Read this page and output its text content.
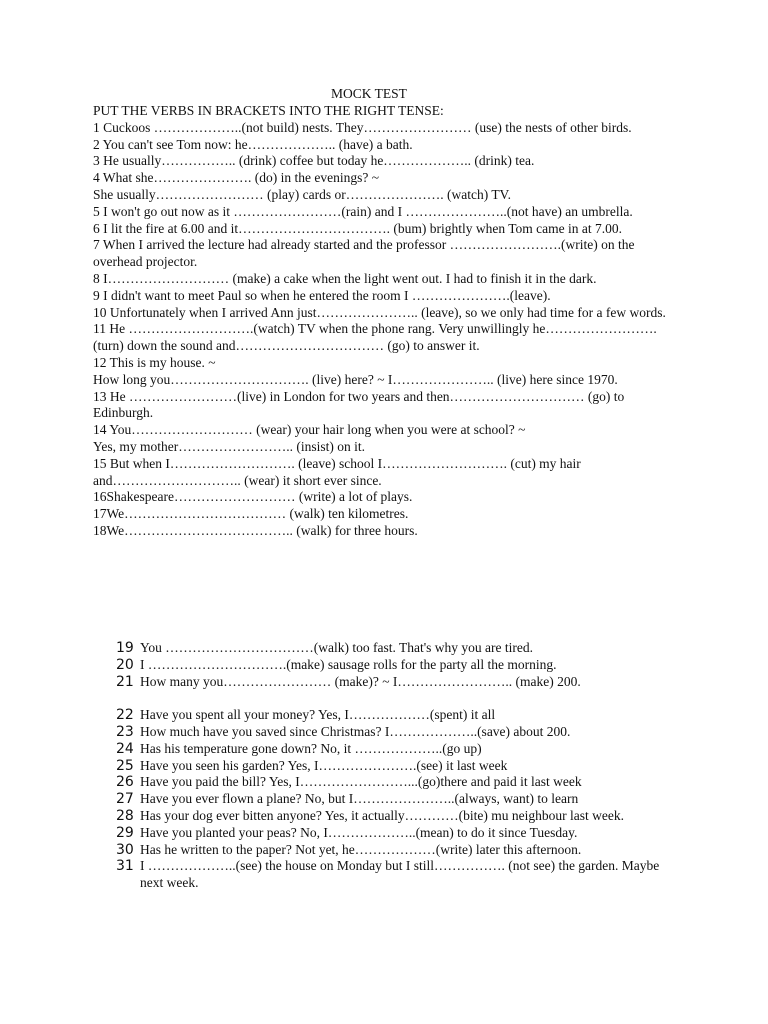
MOCK TEST

PUT THE VERBS IN BRACKETS INTO THE RIGHT TENSE:

1 Cuckoos ………………..(not build) nests. They…………………… (use) the nests of other birds.

2 You can't see Tom now: he……………….. (have) a bath.

3 He usually…………….. (drink) coffee but today he……………….. (drink) tea.

4 What she…………………. (do) in the evenings? ~

She usually…………………… (play) cards or…………………. (watch) TV.

5 I won't go out now as it ……………………(rain) and I …………………..(not have) an umbrella.

6 I lit the fire at 6.00 and it……………………………. (bum) brightly when Tom came in at 7.00.

7 When I arrived the lecture had already started and the professor …………………….(write) on the overhead projector.

8 I……………………… (make) a cake when the light went out. I had to finish it in the dark.

9 I didn't want to meet Paul so when he entered the room I ………………….(leave).

10 Unfortunately when I arrived Ann just………………….. (leave), so we only had time for a few words.

11 He ……………………….(watch) TV when the phone rang. Very unwillingly he……………………. (turn) down the sound and…………………………… (go) to answer it.

12 This is my house. ~

How long you…………………………. (live) here? ~ I………………….. (live) here since 1970.

13 He ……………………(live) in London for two years and then………………………… (go) to Edinburgh.

14 You……………………… (wear) your hair long when you were at school? ~

Yes, my mother…………………….. (insist) on it.

15 But when I………………………. (leave) school I………………………. (cut) my hair and……………………….. (wear) it short ever since.

16Shakespeare……………………… (write) a lot of plays.

17We……………………………… (walk) ten kilometres.

18We……………………………….. (walk) for three hours.

19 You ……………………………(walk) too fast. That's why you are tired.
20 I ………………………….(make) sausage rolls for the party all the morning.
21 How many you…………………… (make)? ~ I…………………….. (make) 200.
22 Have you spent all your money? Yes, I………………(spent) it all
23 How much have you saved since Christmas? I………………..(save) about 200.
24 Has his temperature gone down? No, it ………………..(go up)
25 Have you seen his garden? Yes, I………………….(see) it last week
26 Have you paid the bill? Yes, I……………………...(go)there and paid it last week
27 Have you ever flown a plane? No, but I…………………..(always, want) to learn
28 Has your dog ever bitten anyone? Yes, it actually…………(bite) mu neighbour last week.
29 Have you planted your peas? No, I………………..(mean) to do it since Tuesday.
30 Has he written to the paper? Not yet, he………………(write) later this afternoon.
31 I ………………..(see) the house on Monday but I still……………. (not see) the garden. Maybe next week.
